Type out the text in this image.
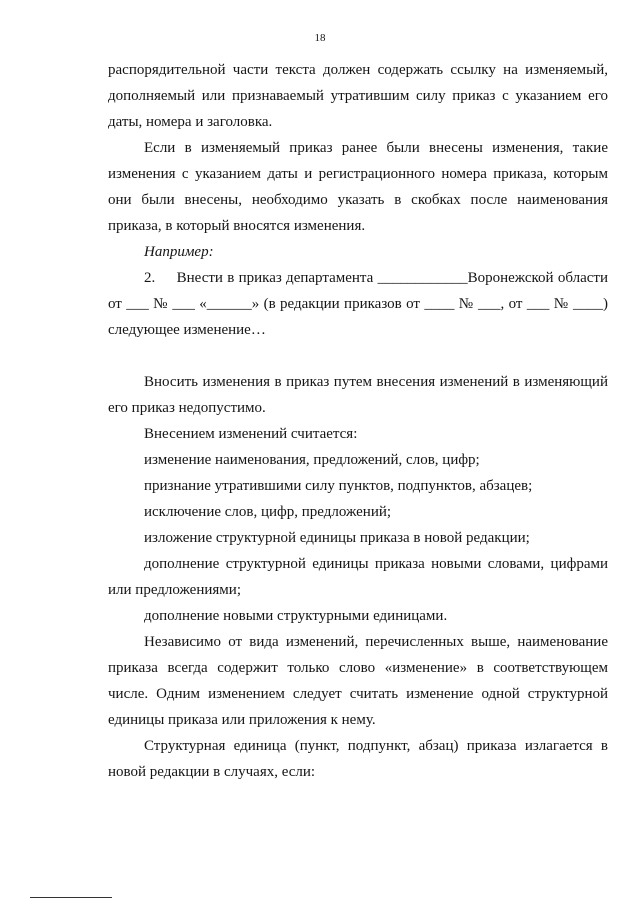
18

распорядительной части текста должен содержать ссылку на изменяемый, дополняемый или признаваемый утратившим силу приказ с указанием его даты, номера и заголовка.

Если в изменяемый приказ ранее были внесены изменения, такие изменения с указанием даты и регистрационного номера приказа, которым они были внесены, необходимо указать в скобках после наименования приказа, в который вносятся изменения.

Например:

2.     Внести в приказ департамента ____________Воронежской области от ___ № ___ «______» (в редакции приказов от ____ № ___, от ___ № ____) следующее изменение…

Вносить изменения в приказ путем внесения изменений в изменяющий его приказ недопустимо.

Внесением изменений считается:

изменение наименования, предложений, слов, цифр;

признание утратившими силу пунктов, подпунктов, абзацев;

исключение слов, цифр, предложений;

изложение структурной единицы приказа в новой редакции;

дополнение структурной единицы приказа новыми словами, цифрами или предложениями;

дополнение новыми структурными единицами.

Независимо от вида изменений, перечисленных выше, наименование приказа всегда содержит только слово «изменение» в соответствующем числе. Одним изменением следует считать изменение одной структурной единицы приказа или приложения к нему.

Структурная единица (пункт, подпункт, абзац) приказа излагается в новой редакции в случаях, если:
